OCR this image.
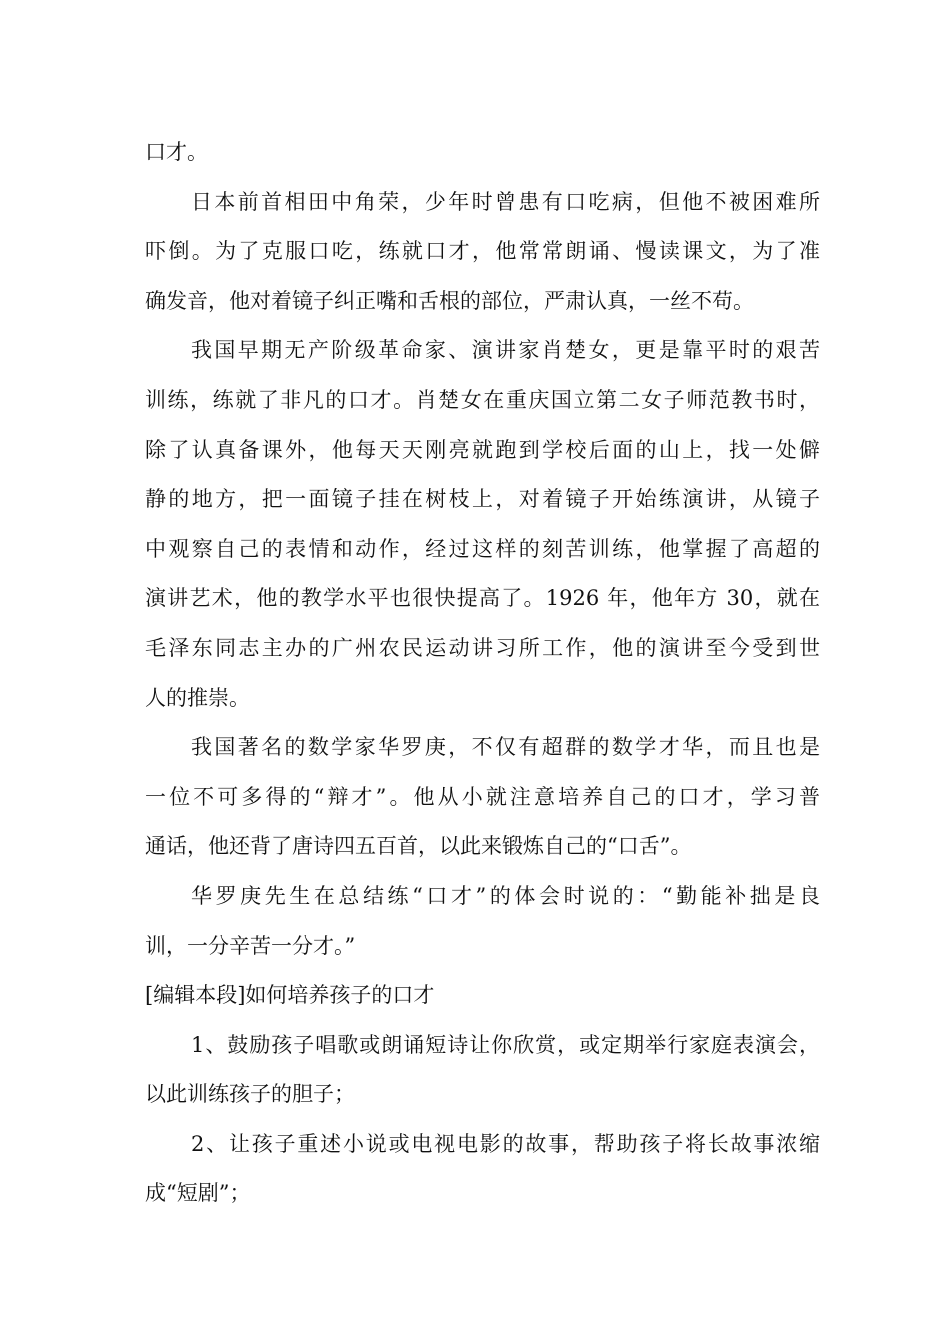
口才。
日本前首相田中角荣，少年时曾患有口吃病，但他不被困难所
吓倒。为了克服口吃，练就口才，他常常朗诵、慢读课文，为了准
确发音，他对着镜子纠正嘴和舌根的部位，严肃认真，一丝不苟。
我国早期无产阶级革命家、演讲家肖楚女，更是靠平时的艰苦
训练，练就了非凡的口才。肖楚女在重庆国立第二女子师范教书时，
除了认真备课外，他每天天刚亮就跑到学校后面的山上，找一处僻
静的地方，把一面镜子挂在树枝上，对着镜子开始练演讲，从镜子
中观察自己的表情和动作，经过这样的刻苦训练，他掌握了高超的
演讲艺术，他的教学水平也很快提高了。1926 年，他年方 30，就在
毛泽东同志主办的广州农民运动讲习所工作，他的演讲至今受到世
人的推崇。
我国著名的数学家华罗庚，不仅有超群的数学才华，而且也是
一位不可多得的“辩才”。他从小就注意培养自己的口才，学习普
通话，他还背了唐诗四五百首，以此来锻炼自己的“口舌”。
华罗庚先生在总结练“口才”的体会时说的：“勤能补拙是良
训，一分辛苦一分才。”
[编辑本段]如何培养孩子的口才
1、鼓励孩子唱歌或朗诵短诗让你欣赏，或定期举行家庭表演会，
以此训练孩子的胆子；
2、让孩子重述小说或电视电影的故事，帮助孩子将长故事浓缩
成“短剧”；
